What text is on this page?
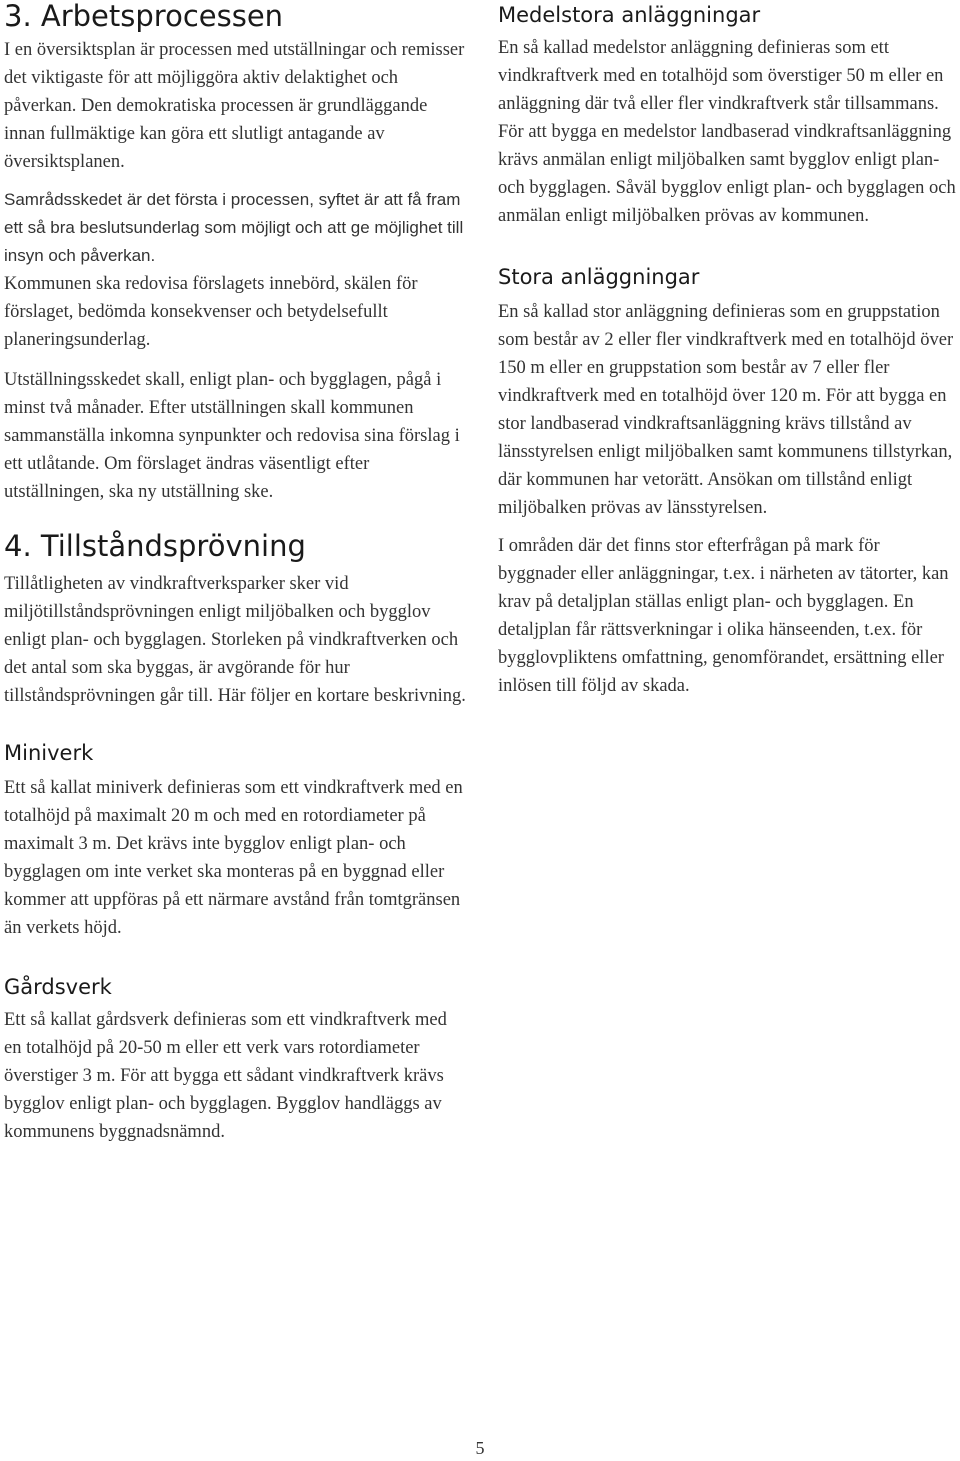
3. Arbetsprocessen

I en översiktsplan är processen med utställningar och remisser det viktigaste för att möjliggöra aktiv delaktighet och påverkan. Den demokratiska processen är grundläggande innan fullmäktige kan göra ett slutligt antagande av översiktsplanen.

Samrådsskedet är det första i processen, syftet är att få fram ett så bra beslutsunderlag som möjligt och att ge möjlighet till insyn och påverkan.

Kommunen ska redovisa förslagets innebörd, skälen för förslaget, bedömda konsekvenser och betydelsefullt planeringsunderlag.

Utställningsskedet skall, enligt plan- och bygglagen, pågå i minst två månader. Efter utställningen skall kommunen sammanställa inkomna synpunkter och redovisa sina förslag i ett utlåtande. Om förslaget ändras väsentligt efter utställningen, ska ny utställning ske.

4. Tillståndsprövning

Tillåtligheten av vindkraftverksparker sker vid miljötillståndsprövningen enligt miljöbalken och bygglov enligt plan- och bygglagen. Storleken på vindkraftverken och det antal som ska byggas, är avgörande för hur tillståndsprövningen går till. Här följer en kortare beskrivning.

Miniverk

Ett så kallat miniverk definieras som ett vindkraftverk med en totalhöjd på maximalt 20 m och med en rotordiameter på maximalt 3 m. Det krävs inte bygglov enligt plan- och bygglagen om inte verket ska monteras på en byggnad eller kommer att uppföras på ett närmare avstånd från tomtgränsen än verkets höjd.

Gårdsverk

Ett så kallat gårdsverk definieras som ett vindkraftverk med en totalhöjd på 20-50 m eller ett verk vars rotordiameter överstiger 3 m. För att bygga ett sådant vindkraftverk krävs bygglov enligt plan- och bygglagen. Bygglov handläggs av kommunens byggnadsnämnd.

Medelstora anläggningar

En så kallad medelstor anläggning definieras som ett vindkraftverk med en totalhöjd som överstiger 50 m eller en anläggning där två eller fler vindkraftverk står tillsammans. För att bygga en medelstor landbaserad vindkraftsanläggning krävs anmälan enligt miljöbalken samt bygglov enligt plan- och bygglagen. Såväl bygglov enligt plan- och bygglagen och anmälan enligt miljöbalken prövas av kommunen.

Stora anläggningar

En så kallad stor anläggning definieras som en gruppstation som består av 2 eller fler vindkraftverk med en totalhöjd över 150 m eller en gruppstation som består av 7 eller fler vindkraftverk med en totalhöjd över 120 m. För att bygga en stor landbaserad vindkraftsanläggning krävs tillstånd av länsstyrelsen enligt miljöbalken samt kommunens tillstyrkan, där kommunen har vetorätt. Ansökan om tillstånd enligt miljöbalken prövas av länsstyrelsen.

I områden där det finns stor efterfrågan på mark för byggnader eller anläggningar, t.ex. i närheten av tätorter, kan krav på detaljplan ställas enligt plan- och bygglagen. En detaljplan får rättsverkningar i olika hänseenden, t.ex. för bygglovpliktens omfattning, genomförandet, ersättning eller inlösen till följd av skada.

5
